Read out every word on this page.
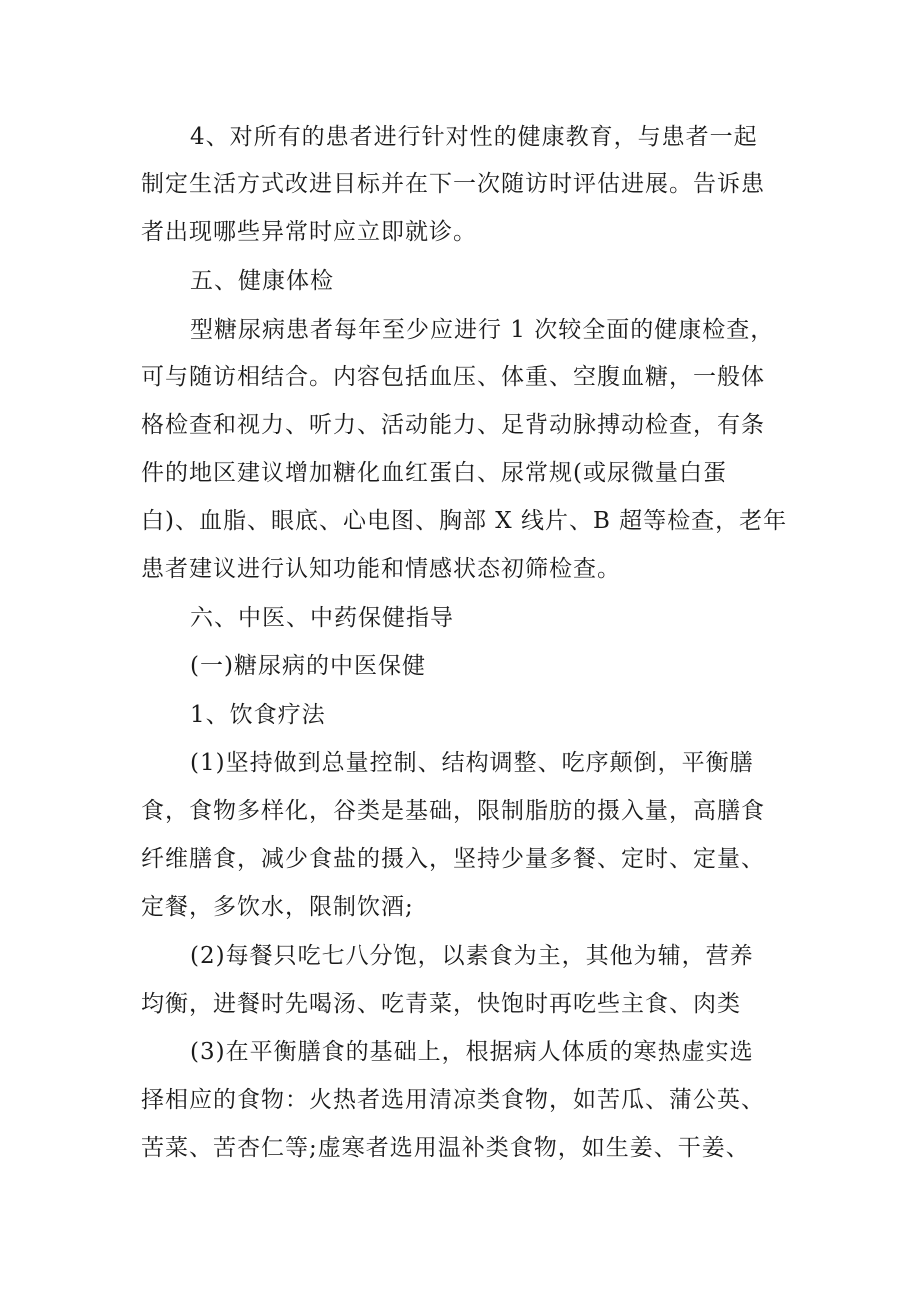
4、对所有的患者进行针对性的健康教育，与患者一起
制定生活方式改进目标并在下一次随访时评估进展。告诉患
者出现哪些异常时应立即就诊。
五、健康体检
型糖尿病患者每年至少应进行 1 次较全面的健康检查，
可与随访相结合。内容包括血压、体重、空腹血糖，一般体
格检查和视力、听力、活动能力、足背动脉搏动检查，有条
件的地区建议增加糖化血红蛋白、尿常规(或尿微量白蛋
白)、血脂、眼底、心电图、胸部 X 线片、B 超等检查，老年
患者建议进行认知功能和情感状态初筛检查。
六、中医、中药保健指导
(一)糖尿病的中医保健
1、饮食疗法
(1)坚持做到总量控制、结构调整、吃序颠倒，平衡膳
食，食物多样化，谷类是基础，限制脂肪的摄入量，高膳食
纤维膳食，减少食盐的摄入，坚持少量多餐、定时、定量、
定餐，多饮水，限制饮酒;
(2)每餐只吃七八分饱，以素食为主，其他为辅，营养
均衡，进餐时先喝汤、吃青菜，快饱时再吃些主食、肉类
(3)在平衡膳食的基础上，根据病人体质的寒热虚实选
择相应的食物：火热者选用清凉类食物，如苦瓜、蒲公英、
苦菜、苦杏仁等;虚寒者选用温补类食物，如生姜、干姜、
